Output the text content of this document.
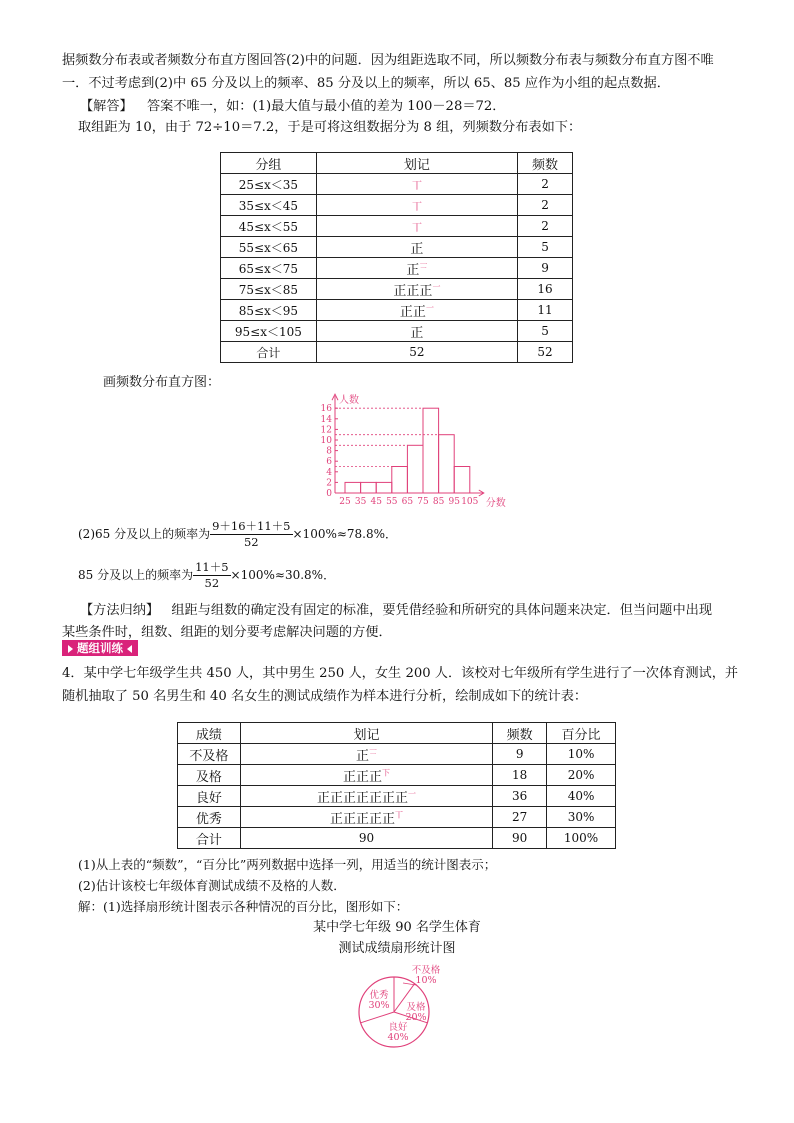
据频数分布表或者频数分布直方图回答(2)中的问题．因为组距选取不同，所以频数分布表与频数分布直方图不唯
一．不过考虑到(2)中 65 分及以上的频率、85 分及以上的频率，所以 65、85 应作为小组的起点数据．
【解答】 答案不唯一，如：(1)最大值与最小值的差为 100－28＝72．
取组距为 10，由于 72÷10＝7.2，于是可将这组数据分为 8 组，列频数分布表如下：
分组	划记	频数
25≤x＜35	丅	2
35≤x＜45	丅	2
45≤x＜55	丅	2
55≤x＜65	正	5
65≤x＜75	正$^𠄟$	9
75≤x＜85	正正正$^一$	16
85≤x＜95	正正$^一$	11
95≤x＜105	正	5
合计	52	52
画频数分布直方图：
0
2
4
6
8
10
12
14
16
25 35 45 55 65 75 85 95 105
人数
分数
(2)65 分及以上的频率为 $\frac{9+16+11+5}{52} \times 100\%\approx 78.8\%$．
85 分及以上的频率为 $\frac{11+5}{52} \times 100\%\approx 30.8\%$．
【方法归纳】 组距与组数的确定没有固定的标准，要凭借经验和所研究的具体问题来决定．但当问题中出现
某些条件时，组数、组距的划分要考虑解决问题的方便．
题组训练
4．某中学七年级学生共 450 人，其中男生 250 人，女生 200 人．该校对七年级所有学生进行了一次体育测试，并
随机抽取了 50 名男生和 40 名女生的测试成绩作为样本进行分析，绘制成如下的统计表：
成绩	划记	频数	百分比
不及格	正$^𠄟$	9	10%
及格	正正正$^下$	18	20%
良好	正正正正正正正$^一$	36	40%
优秀	正正正正正$^丅$	27	30%
合计	90	90	100%
(1)从上表的“频数”，“百分比”两列数据中选择一列，用适当的统计图表示；
(2)估计该校七年级体育测试成绩不及格的人数．
解：(1)选择扇形统计图表示各种情况的百分比，图形如下：
某中学七年级 90 名学生体育
测试成绩扇形统计图
不及格
10%
及格
20%
良好
40%
优秀
30%
